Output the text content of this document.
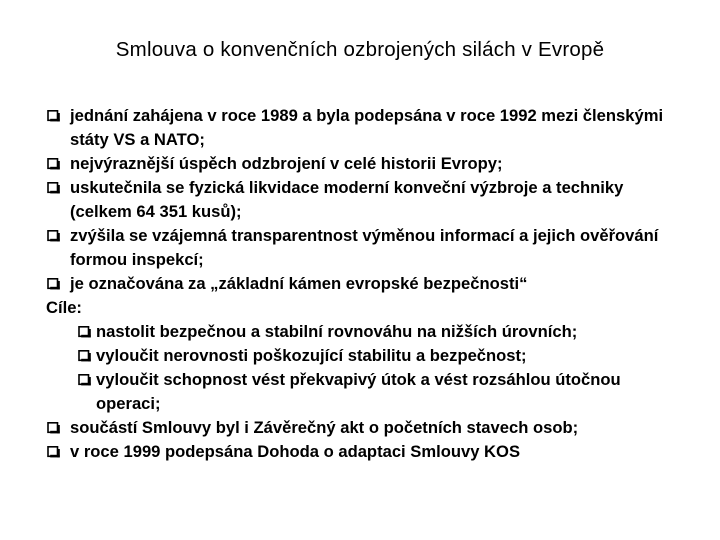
Smlouva o konvenčních ozbrojených silách v Evropě
jednání zahájena v roce 1989 a byla podepsána v roce 1992 mezi členskými státy VS a NATO;
nejvýraznější úspěch odzbrojení v celé historii Evropy;
uskutečnila se fyzická likvidace moderní konveční výzbroje a techniky (celkem 64 351 kusů);
zvýšila se vzájemná transparentnost výměnou informací a jejich ověřování formou inspekcí;
je označována za „základní kámen evropské bezpečnosti“
Cíle:
nastolit bezpečnou a stabilní rovnováhu na nižších úrovních;
vyloučit nerovnosti poškozující stabilitu a bezpečnost;
vyloučit schopnost vést překvapivý útok a vést rozsáhlou útočnou operaci;
součástí Smlouvy byl i Závěrečný akt o početních stavech osob;
v roce 1999 podepsána Dohoda o adaptaci Smlouvy KOS
